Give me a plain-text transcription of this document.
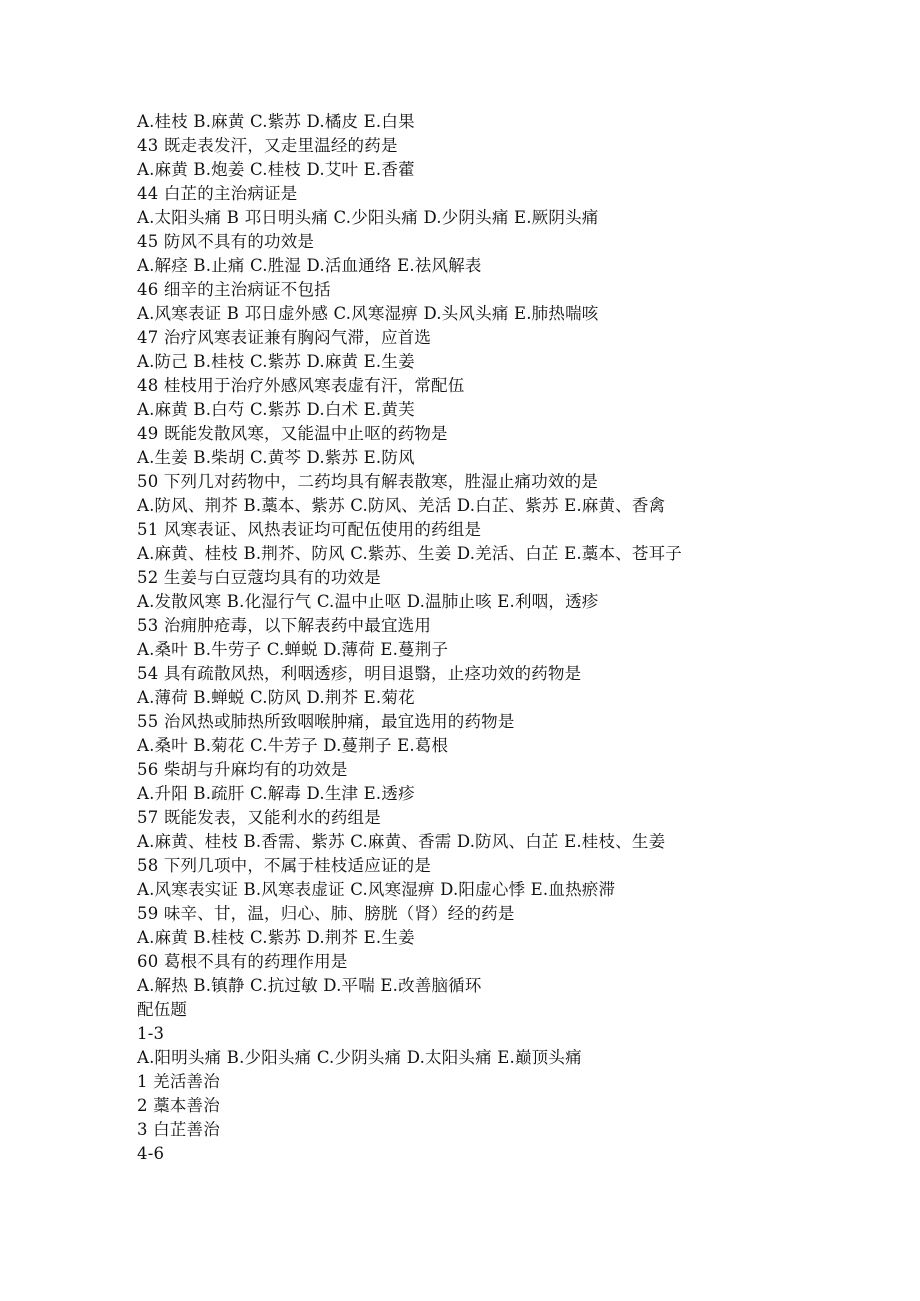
A.桂枝 B.麻黄 C.紫苏 D.橘皮 E.白果
43 既走表发汗，又走里温经的药是
A.麻黄 B.炮姜 C.桂枝 D.艾叶 E.香藿
44 白芷的主治病证是
A.太阳头痛 B 邛日明头痛 C.少阳头痛 D.少阴头痛 E.厥阴头痛
45 防风不具有的功效是
A.解痉 B.止痛 C.胜湿 D.活血通络 E.祛风解表
46 细辛的主治病证不包括
A.风寒表证 B 邛日虚外感 C.风寒湿痹 D.头风头痛 E.肺热喘咳
47 治疗风寒表证兼有胸闷气滞，应首选
A.防己 B.桂枝 C.紫苏 D.麻黄 E.生姜
48 桂枝用于治疗外感风寒表虚有汗，常配伍
A.麻黄 B.白芍 C.紫苏 D.白术 E.黄芙
49 既能发散风寒，又能温中止呕的药物是
A.生姜 B.柴胡 C.黄芩 D.紫苏 E.防风
50 下列几对药物中，二药均具有解表散寒，胜湿止痛功效的是
A.防风、荆芥 B.藁本、紫苏 C.防风、羌活 D.白芷、紫苏 E.麻黄、香禽
51 风寒表证、风热表证均可配伍使用的药组是
A.麻黄、桂枝 B.荆芥、防风 C.紫苏、生姜 D.羌活、白芷 E.藁本、苍耳子
52 生姜与白豆蔻均具有的功效是
A.发散风寒 B.化湿行气 C.温中止呕 D.温肺止咳 E.利咽，透疹
53 治痈肿疮毒，以下解表药中最宜选用
A.桑叶 B.牛劳子 C.蝉蜕 D.薄荷 E.蔓荆子
54 具有疏散风热，利咽透疹，明目退翳，止痉功效的药物是
A.薄荷 B.蝉蜕 C.防风 D.荆芥 E.菊花
55 治风热或肺热所致咽喉肿痛，最宜选用的药物是
A.桑叶 B.菊花 C.牛芳子 D.蔓荆子 E.葛根
56 柴胡与升麻均有的功效是
A.升阳 B.疏肝 C.解毒 D.生津 E.透疹
57 既能发表，又能利水的药组是
A.麻黄、桂枝 B.香需、紫苏 C.麻黄、香需 D.防风、白芷 E.桂枝、生姜
58 下列几项中，不属于桂枝适应证的是
A.风寒表实证 B.风寒表虚证 C.风寒湿痹 D.阳虚心悸 E.血热瘀滞
59 味辛、甘，温，归心、肺、膀胱（肾）经的药是
A.麻黄 B.桂枝 C.紫苏 D.荆芥 E.生姜
60 葛根不具有的药理作用是
A.解热 B.镇静 C.抗过敏 D.平喘 E.改善脑循环
配伍题
1-3
A.阳明头痛 B.少阳头痛 C.少阴头痛 D.太阳头痛 E.巅顶头痛
1 羌活善治
2 藁本善治
3 白芷善治
4-6
